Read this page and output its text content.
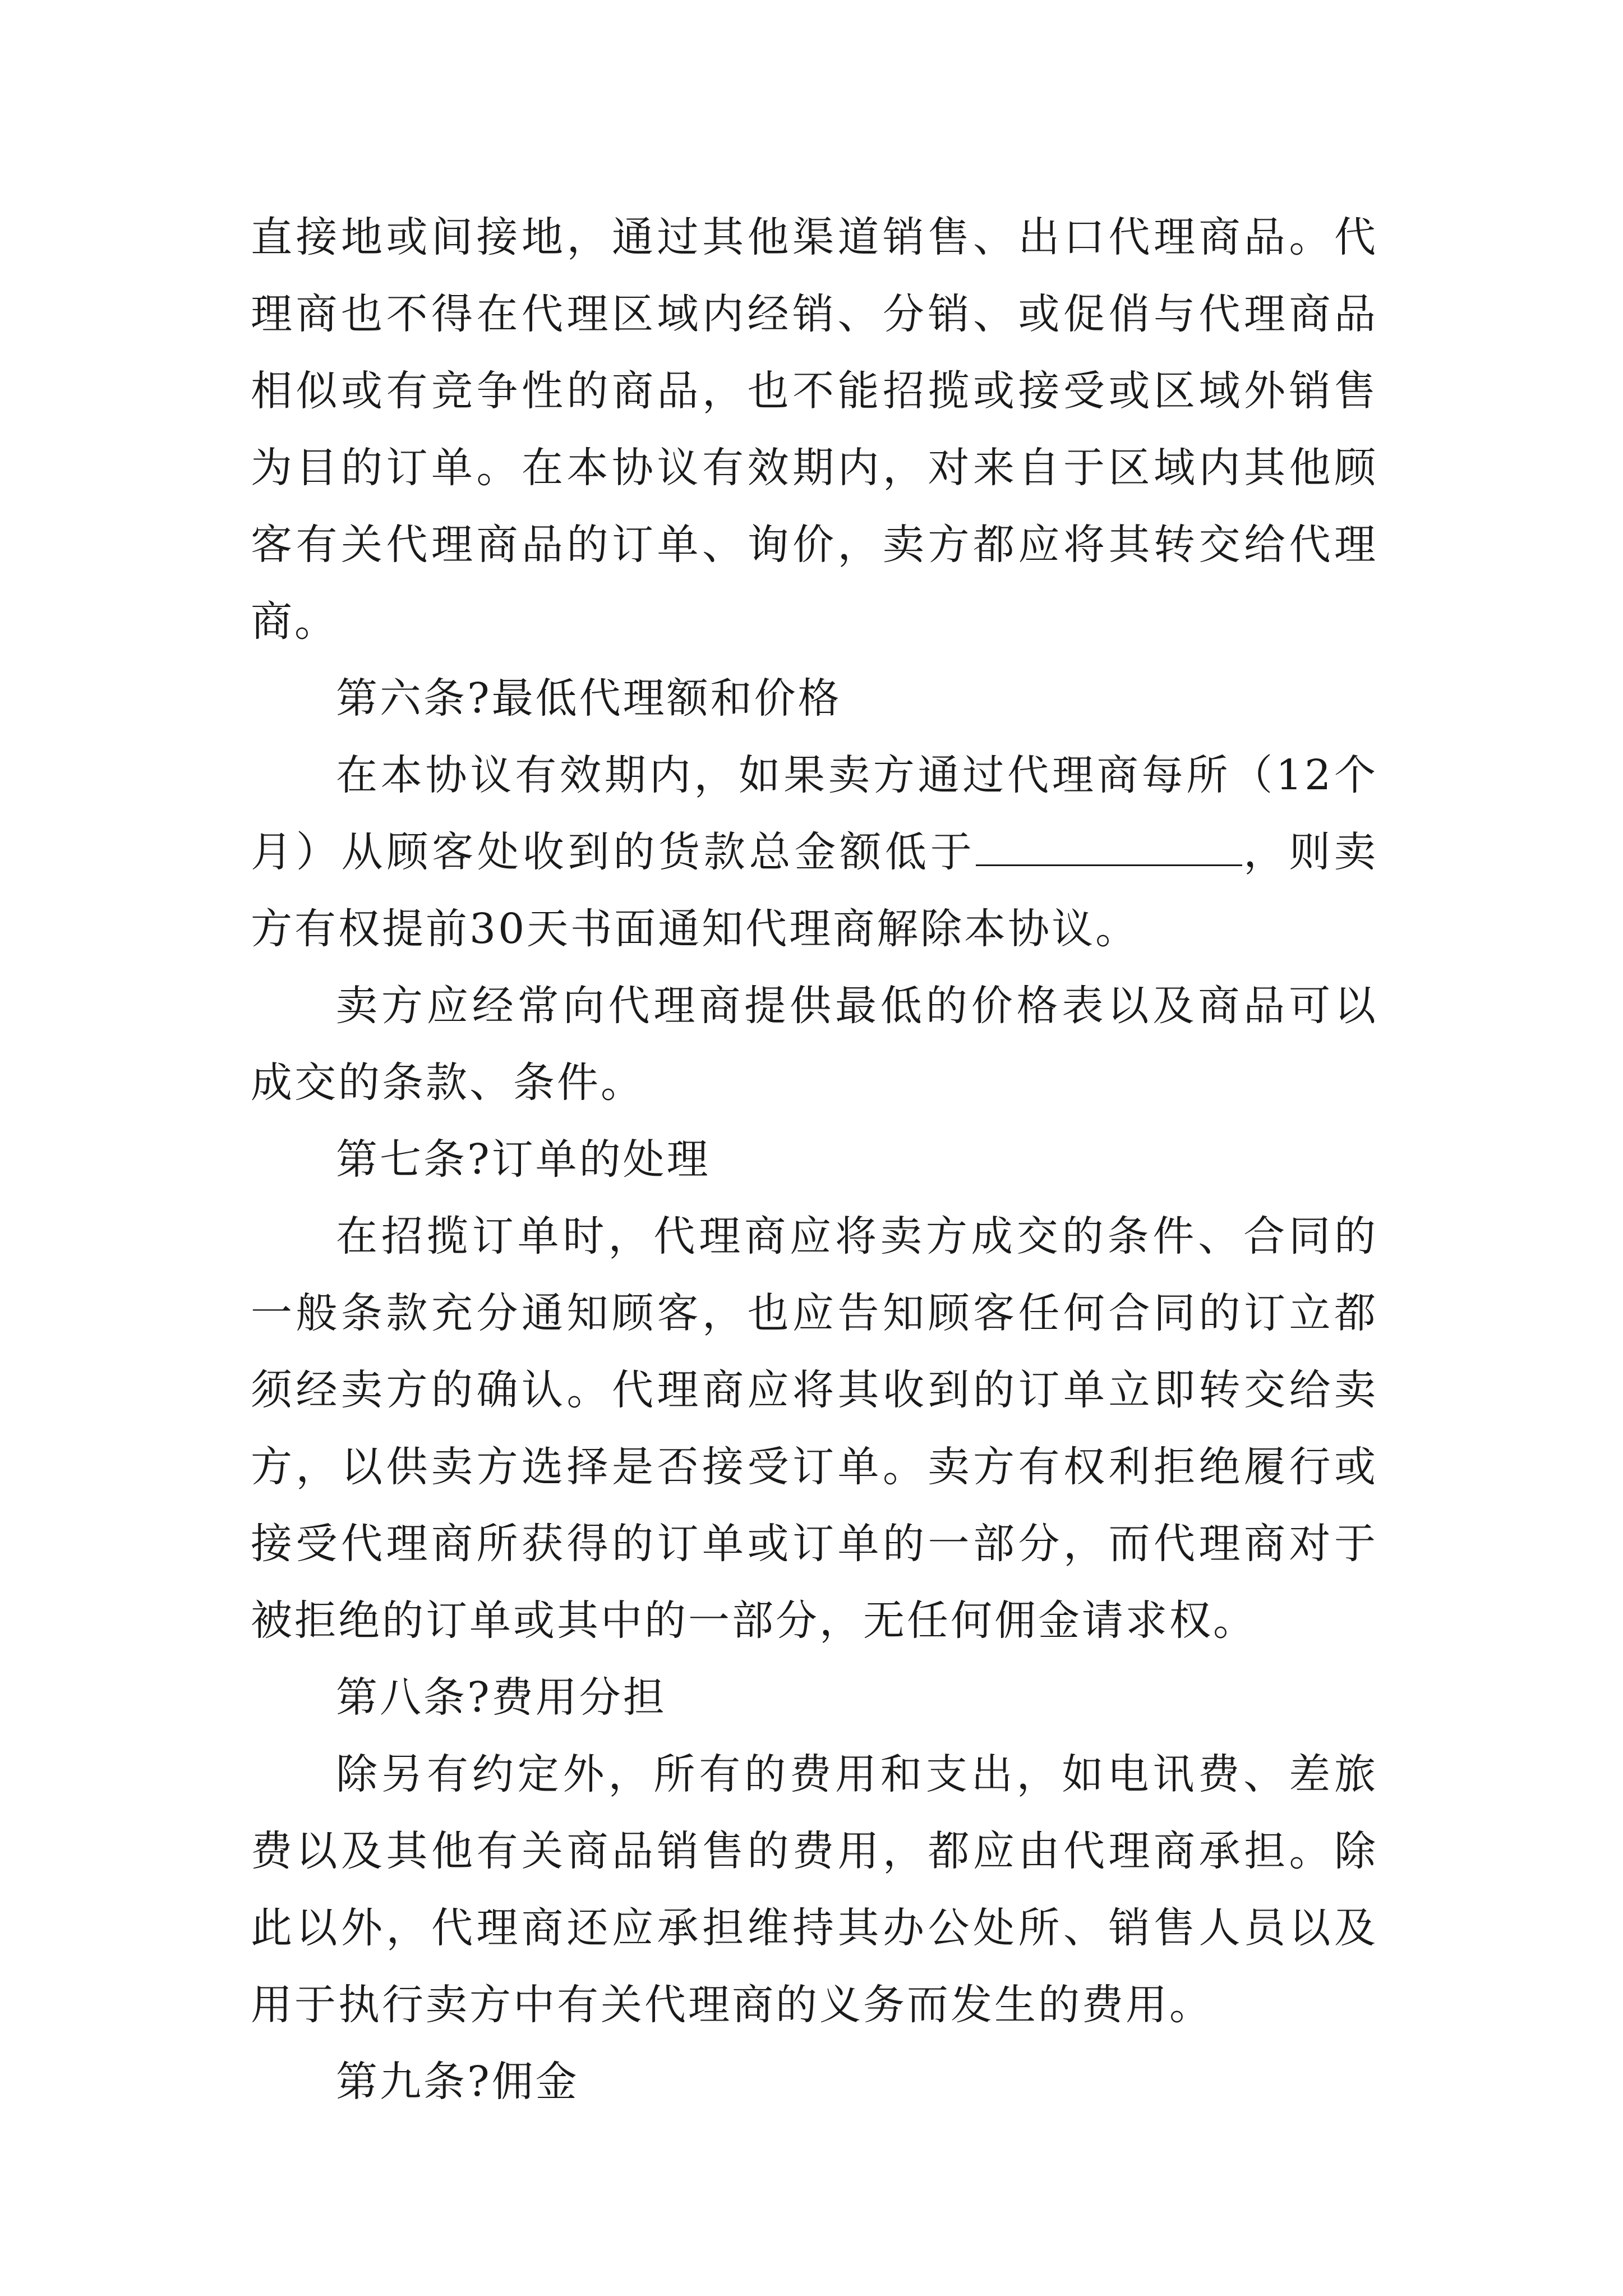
直接地或间接地，通过其他渠道销售、出口代理商品。代理商也不得在代理区域内经销、分销、或促俏与代理商品相似或有竞争性的商品，也不能招揽或接受或区域外销售为目的订单。在本协议有效期内，对来自于区域内其他顾客有关代理商品的订单、询价，卖方都应将其转交给代理商。

第六条?最低代理额和价格

在本协议有效期内，如果卖方通过代理商每所（12个月）从顾客处收到的货款总金额低于	，则卖方有权提前30天书面通知代理商解除本协议。

卖方应经常向代理商提供最低的价格表以及商品可以成交的条款、条件。

第七条?订单的处理

在招揽订单时，代理商应将卖方成交的条件、合同的一般条款充分通知顾客，也应告知顾客任何合同的订立都须经卖方的确认。代理商应将其收到的订单立即转交给卖方，以供卖方选择是否接受订单。卖方有权利拒绝履行或接受代理商所获得的订单或订单的一部分，而代理商对于被拒绝的订单或其中的一部分，无任何佣金请求权。

第八条?费用分担

除另有约定外，所有的费用和支出，如电讯费、差旅费以及其他有关商品销售的费用，都应由代理商承担。除此以外，代理商还应承担维持其办公处所、销售人员以及用于执行卖方中有关代理商的义务而发生的费用。

第九条?佣金
